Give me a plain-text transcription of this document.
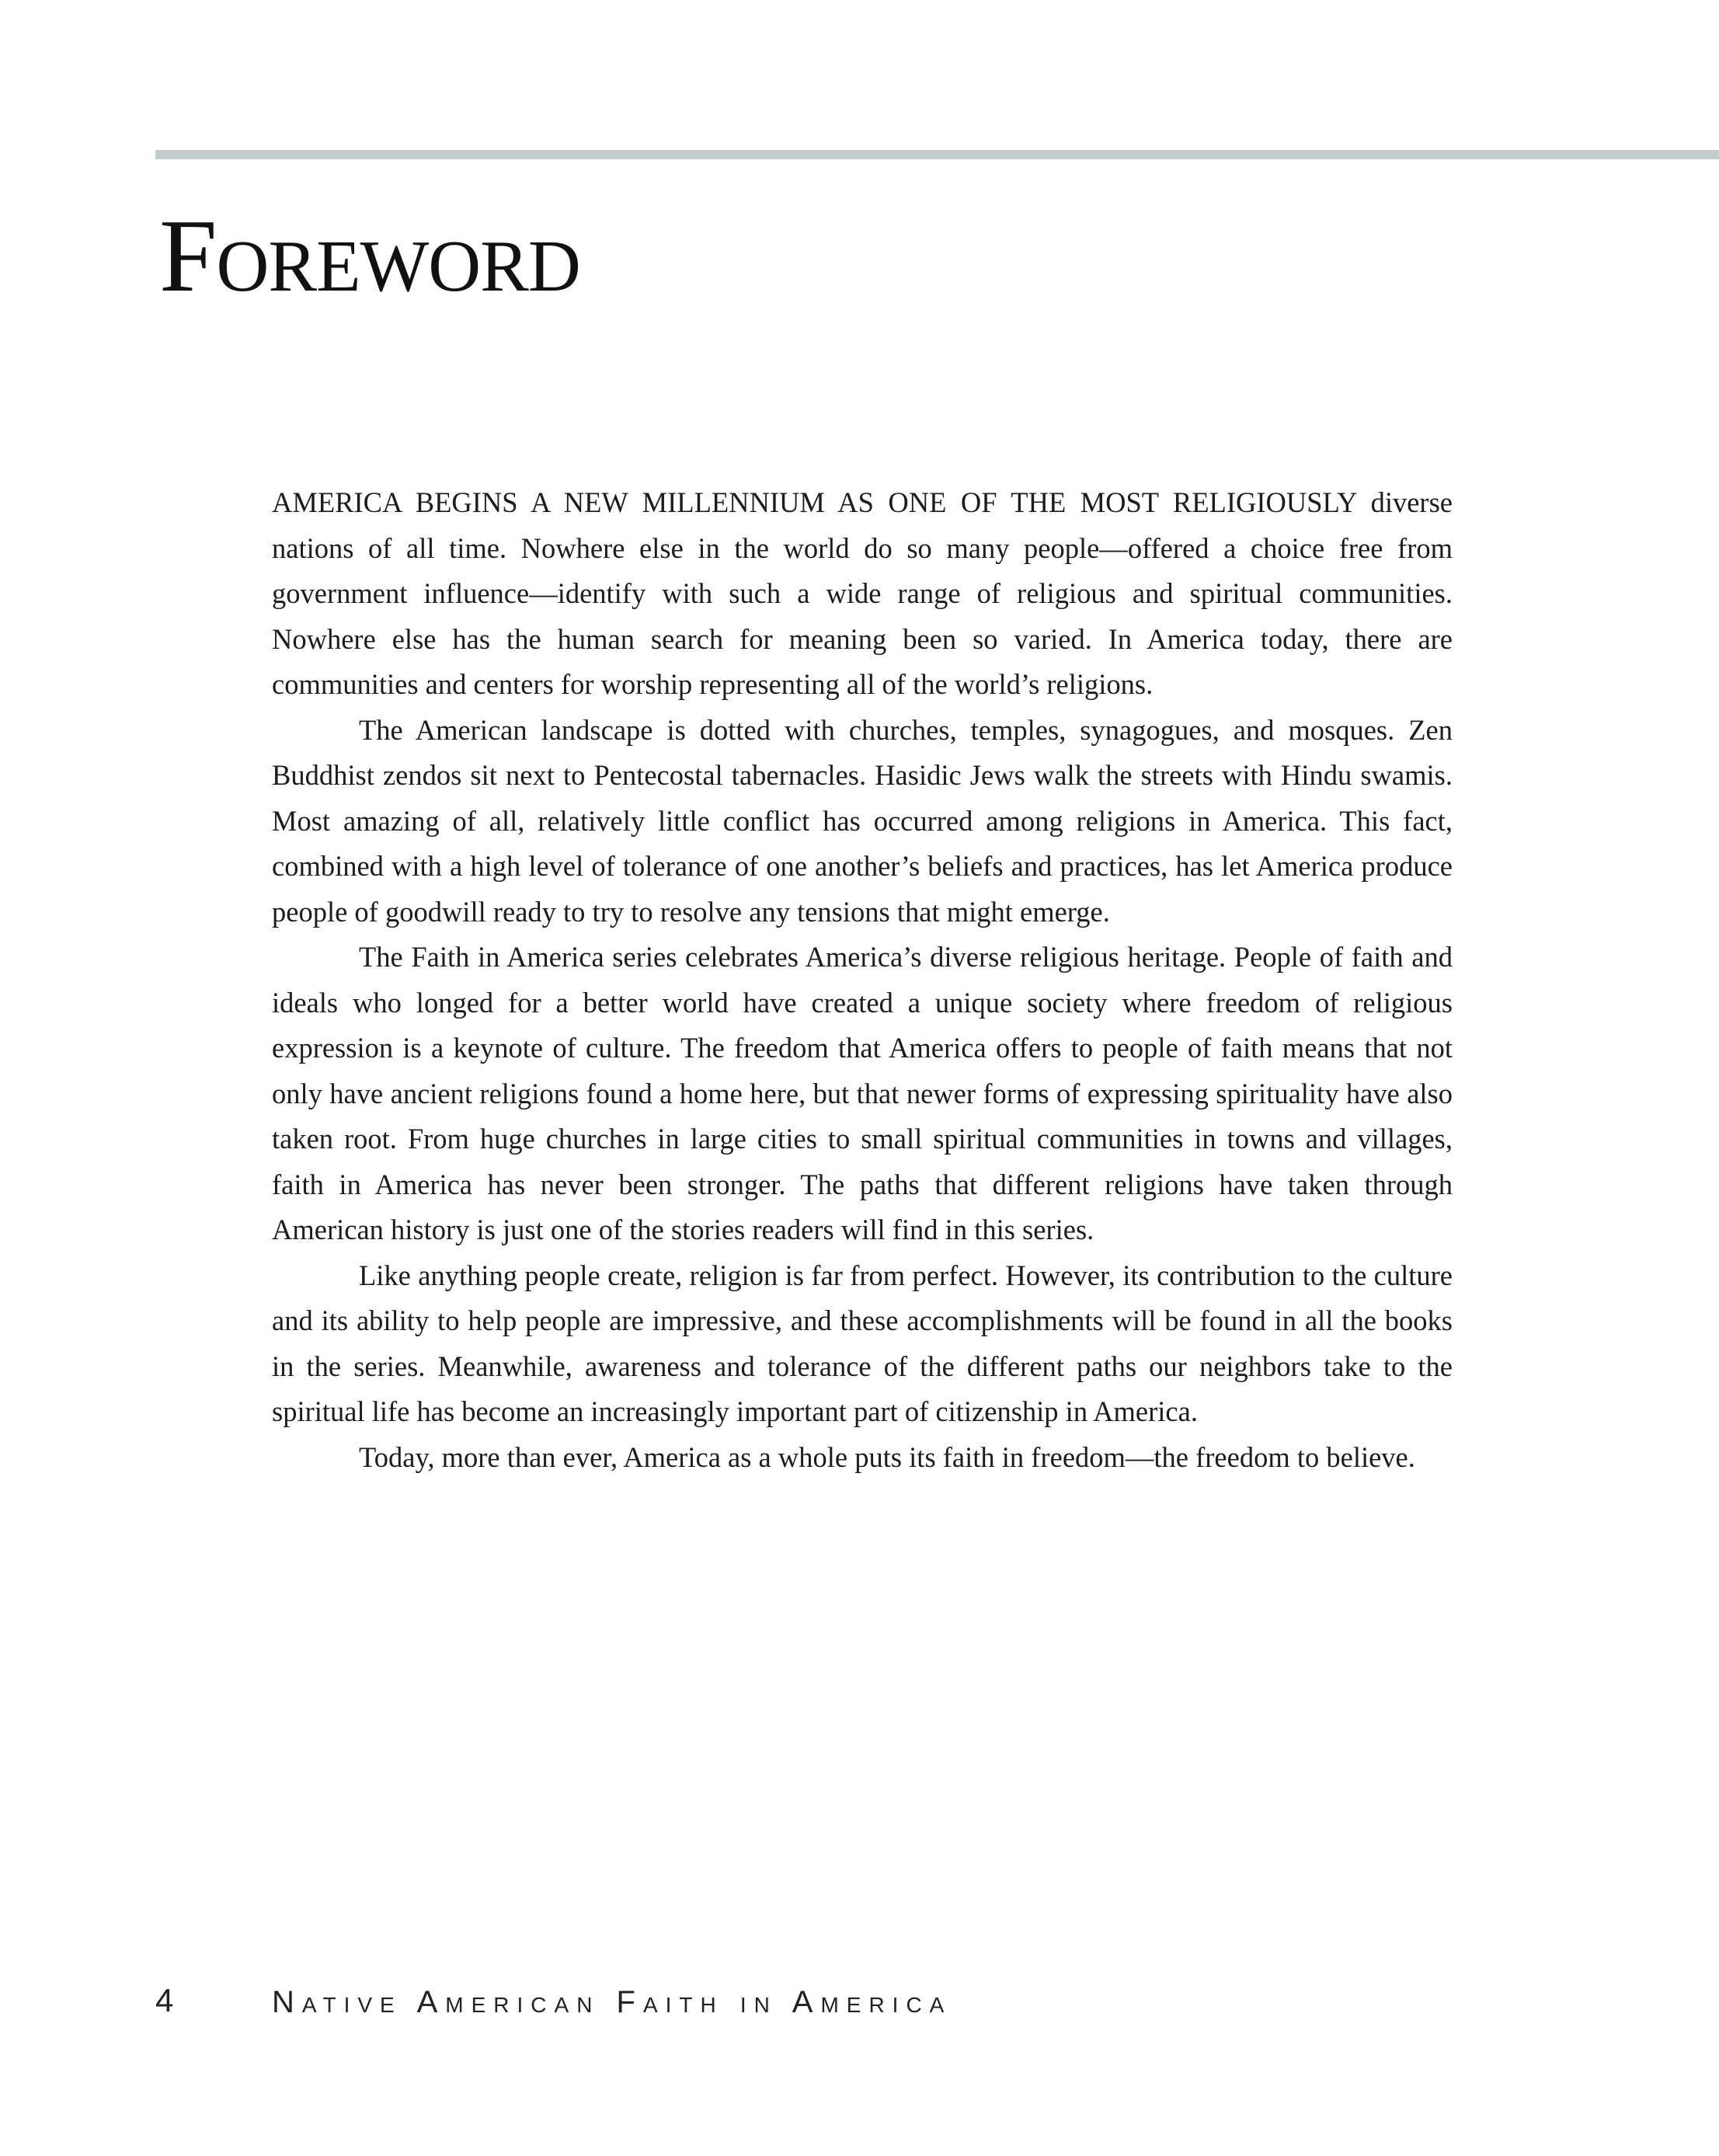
Foreword

AMERICA BEGINS A NEW MILLENNIUM AS ONE OF THE MOST RELIGIOUSLY diverse nations of all time. Nowhere else in the world do so many people—offered a choice free from government influence—identify with such a wide range of religious and spiritual communities. Nowhere else has the human search for meaning been so varied. In America today, there are communities and centers for worship representing all of the world’s religions.

The American landscape is dotted with churches, temples, synagogues, and mosques. Zen Buddhist zendos sit next to Pentecostal tabernacles. Hasidic Jews walk the streets with Hindu swamis. Most amazing of all, relatively little conflict has occurred among religions in America. This fact, combined with a high level of tolerance of one another’s beliefs and practices, has let America produce people of goodwill ready to try to resolve any tensions that might emerge.

The Faith in America series celebrates America’s diverse religious heritage. People of faith and ideals who longed for a better world have created a unique society where freedom of religious expression is a keynote of culture. The freedom that America offers to people of faith means that not only have ancient religions found a home here, but that newer forms of expressing spirituality have also taken root. From huge churches in large cities to small spiritual communities in towns and villages, faith in America has never been stronger. The paths that different religions have taken through American history is just one of the stories readers will find in this series.

Like anything people create, religion is far from perfect. However, its contribution to the culture and its ability to help people are impressive, and these accomplishments will be found in all the books in the series. Meanwhile, awareness and tolerance of the different paths our neighbors take to the spiritual life has become an increasingly important part of citizenship in America.

Today, more than ever, America as a whole puts its faith in freedom—the freedom to believe.

4	Native American Faith in America
